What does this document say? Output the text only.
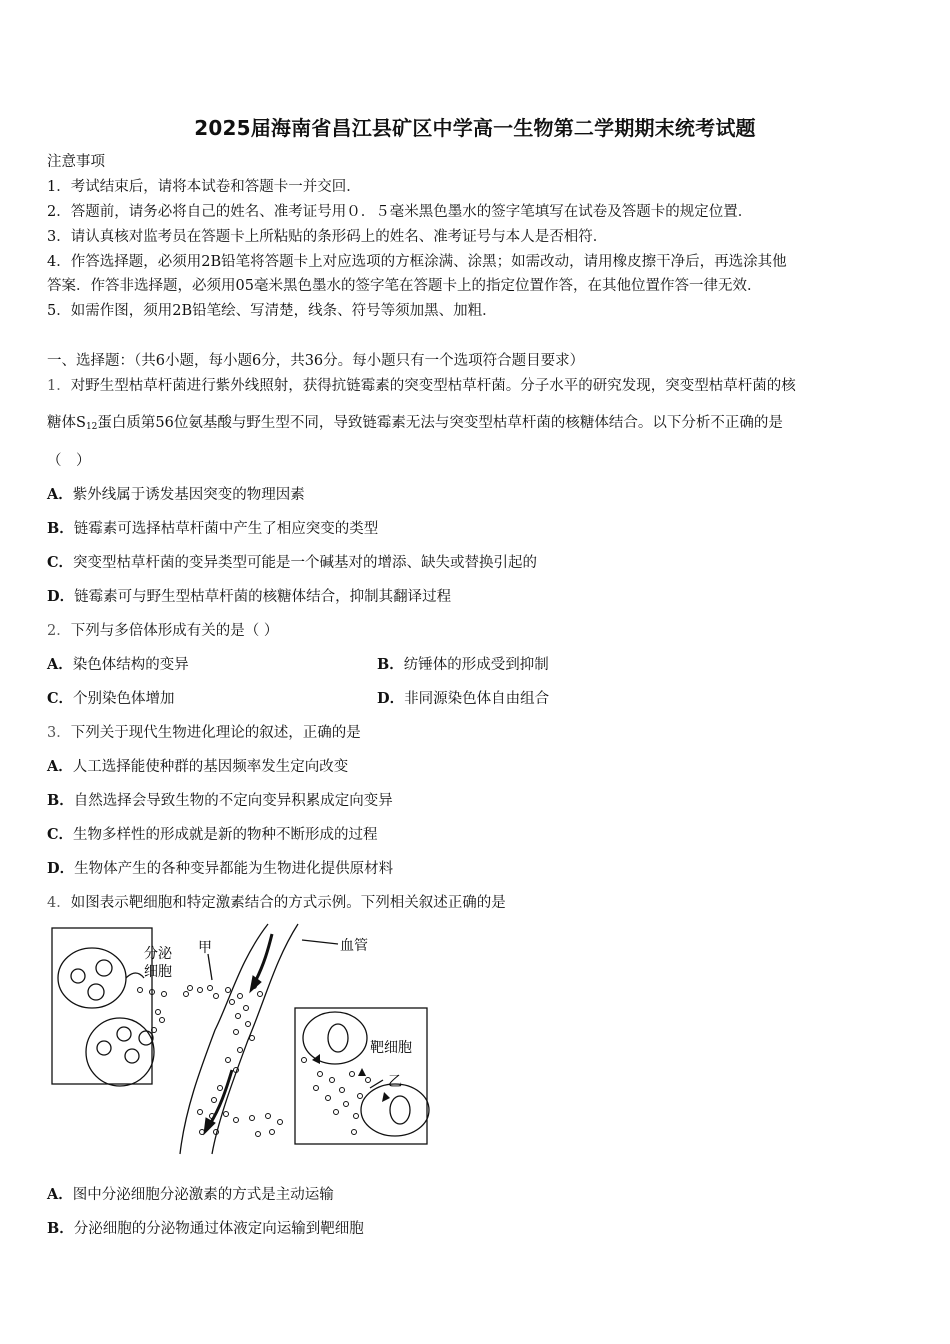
2025届海南省昌江县矿区中学高一生物第二学期期末统考试题
注意事项
1．考试结束后，请将本试卷和答题卡一并交回．
2．答题前，请务必将自己的姓名、准考证号用０．５毫米黑色墨水的签字笔填写在试卷及答题卡的规定位置．
3．请认真核对监考员在答题卡上所粘贴的条形码上的姓名、准考证号与本人是否相符．
4．作答选择题，必须用2B铅笔将答题卡上对应选项的方框涂满、涂黑；如需改动，请用橡皮擦干净后，再选涂其他
答案．作答非选择题，必须用05毫米黑色墨水的签字笔在答题卡上的指定位置作答，在其他位置作答一律无效．
5．如需作图，须用2B铅笔绘、写清楚，线条、符号等须加黑、加粗．
一、选择题：（共6小题，每小题6分，共36分。每小题只有一个选项符合题目要求）
1．对野生型枯草杆菌进行紫外线照射，获得抗链霉素的突变型枯草杆菌。分子水平的研究发现，突变型枯草杆菌的核
糖体$S_{12}$蛋白质第56位氨基酸与野生型不同，导致链霉素无法与突变型枯草杆菌的核糖体结合。以下分析不正确的是
（　）
A．紫外线属于诱发基因突变的物理因素
B．链霉素可选择枯草杆菌中产生了相应突变的类型
C．突变型枯草杆菌的变异类型可能是一个碱基对的增添、缺失或替换引起的
D．链霉素可与野生型枯草杆菌的核糖体结合，抑制其翻译过程
2．下列与多倍体形成有关的是（ ）
A．染色体结构的变异	B．纺锤体的形成受到抑制
C．个别染色体增加	D．非同源染色体自由组合
3．下列关于现代生物进化理论的叙述，正确的是
A．人工选择能使种群的基因频率发生定向改变
B．自然选择会导致生物的不定向变异积累成定向变异
C．生物多样性的形成就是新的物种不断形成的过程
D．生物体产生的各种变异都能为生物进化提供原材料
4．如图表示靶细胞和特定激素结合的方式示例。下列相关叙述正确的是
分泌
细胞
甲	血管
靶细胞
乙
A．图中分泌细胞分泌激素的方式是主动运输
B．分泌细胞的分泌物通过体液定向运输到靶细胞
